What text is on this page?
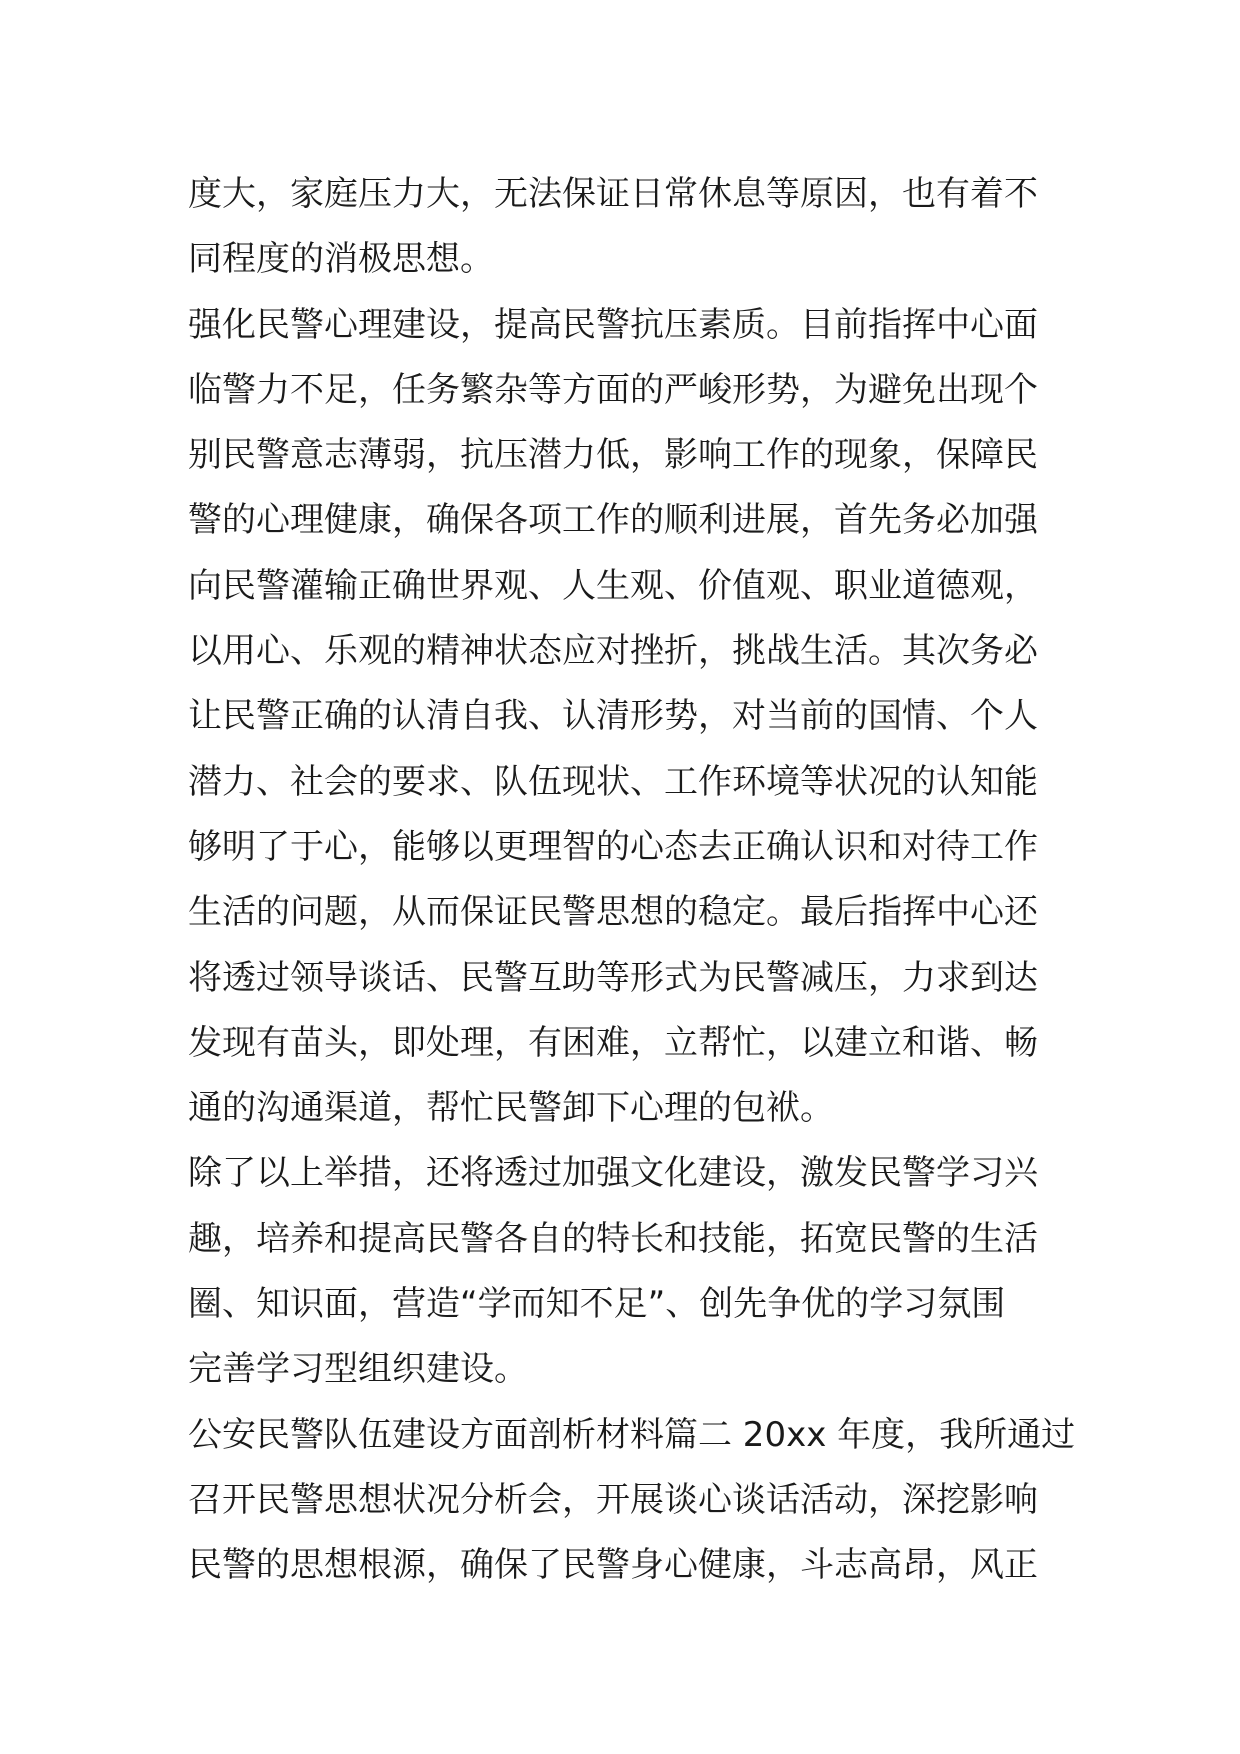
度大，家庭压力大，无法保证日常休息等原因，也有着不
同程度的消极思想。
强化民警心理建设，提高民警抗压素质。目前指挥中心面
临警力不足，任务繁杂等方面的严峻形势，为避免出现个
别民警意志薄弱，抗压潜力低，影响工作的现象，保障民
警的心理健康，确保各项工作的顺利进展，首先务必加强
向民警灌输正确世界观、人生观、价值观、职业道德观，
以用心、乐观的精神状态应对挫折，挑战生活。其次务必
让民警正确的认清自我、认清形势，对当前的国情、个人
潜力、社会的要求、队伍现状、工作环境等状况的认知能
够明了于心，能够以更理智的心态去正确认识和对待工作
生活的问题，从而保证民警思想的稳定。最后指挥中心还
将透过领导谈话、民警互助等形式为民警减压，力求到达
发现有苗头，即处理，有困难，立帮忙，以建立和谐、畅
通的沟通渠道，帮忙民警卸下心理的包袱。
除了以上举措，还将透过加强文化建设，激发民警学习兴
趣，培养和提高民警各自的特长和技能，拓宽民警的生活
圈、知识面，营造“学而知不足”、创先争优的学习氛围
完善学习型组织建设。
公安民警队伍建设方面剖析材料篇二 20xx 年度，我所通过
召开民警思想状况分析会，开展谈心谈话活动，深挖影响
民警的思想根源，确保了民警身心健康，斗志高昂，风正
